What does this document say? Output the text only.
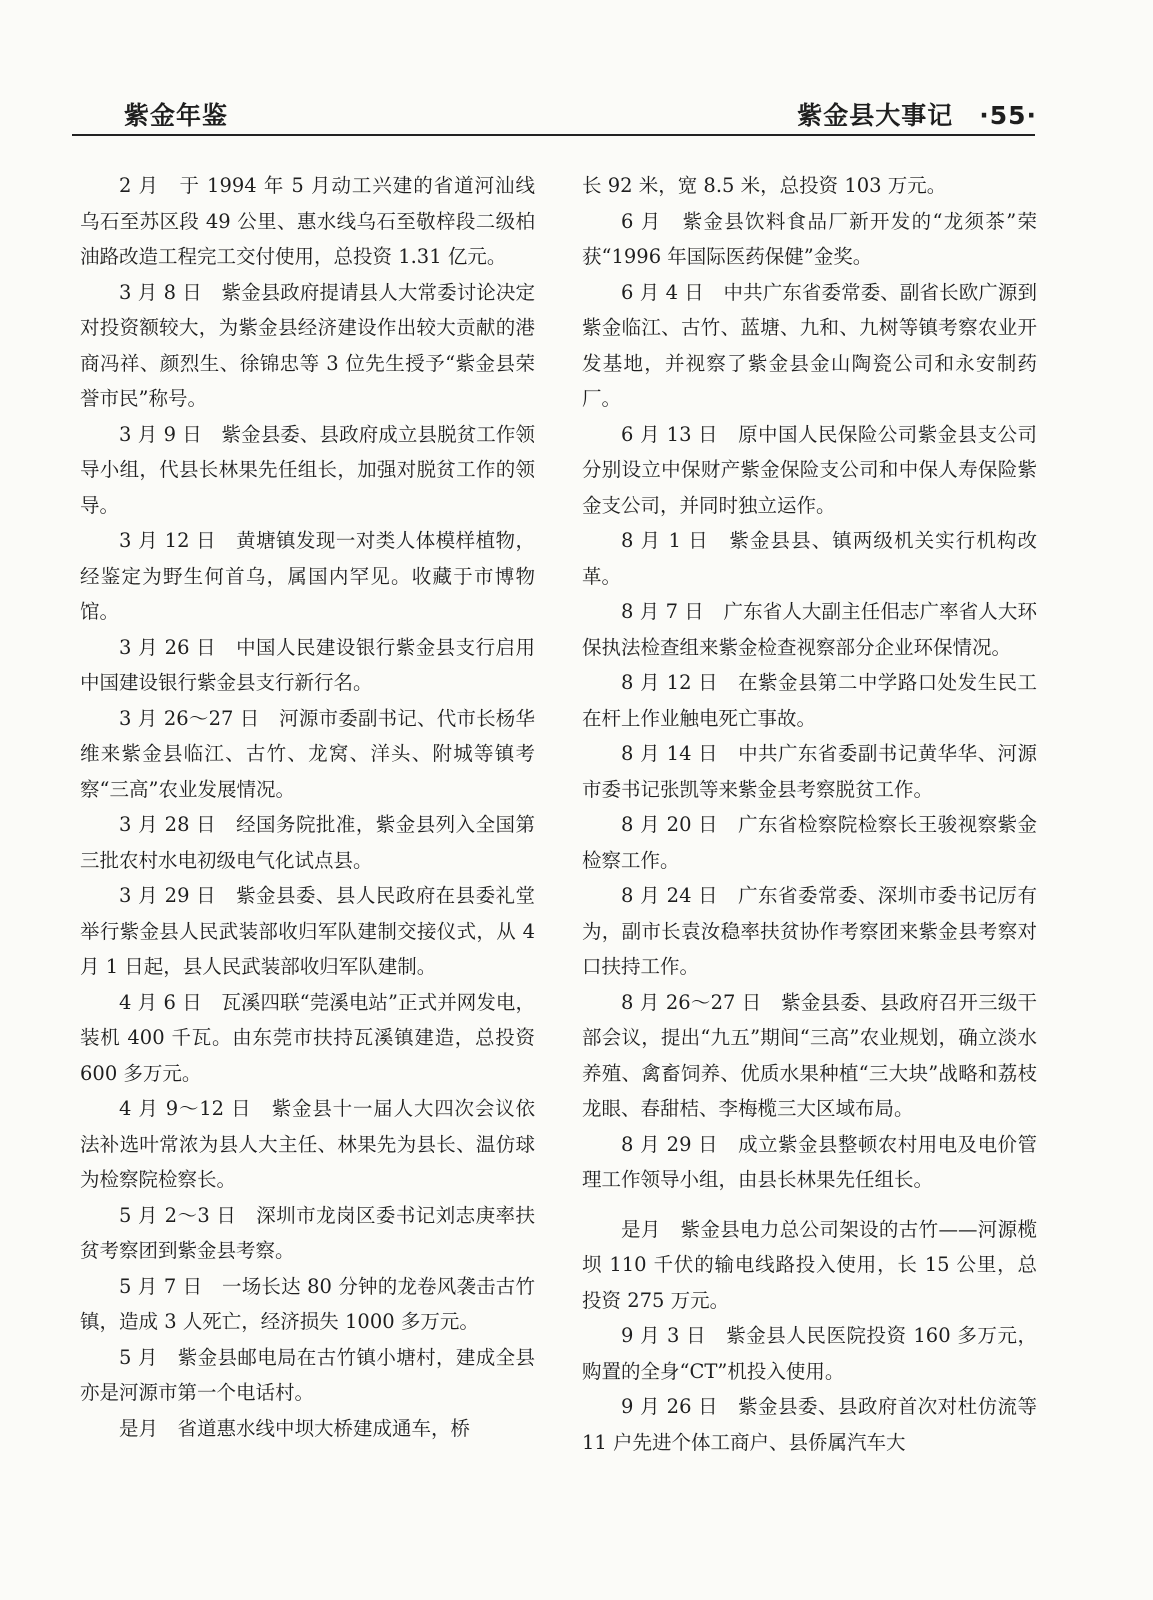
紫金年鉴	紫金县大事记 ·55·

2 月　于 1994 年 5 月动工兴建的省道河汕线乌石至苏区段 49 公里、惠水线乌石至敬梓段二级柏油路改造工程完工交付使用，总投资 1.31 亿元。

3 月 8 日　紫金县政府提请县人大常委讨论决定对投资额较大，为紫金县经济建设作出较大贡献的港商冯祥、颜烈生、徐锦忠等 3 位先生授予“紫金县荣誉市民”称号。

3 月 9 日　紫金县委、县政府成立县脱贫工作领导小组，代县长林果先任组长，加强对脱贫工作的领导。

3 月 12 日　黄塘镇发现一对类人体模样植物，经鉴定为野生何首乌，属国内罕见。收藏于市博物馆。

3 月 26 日　中国人民建设银行紫金县支行启用中国建设银行紫金县支行新行名。

3 月 26～27 日　河源市委副书记、代市长杨华维来紫金县临江、古竹、龙窝、洋头、附城等镇考察“三高”农业发展情况。

3 月 28 日　经国务院批准，紫金县列入全国第三批农村水电初级电气化试点县。

3 月 29 日　紫金县委、县人民政府在县委礼堂举行紫金县人民武装部收归军队建制交接仪式，从 4 月 1 日起，县人民武装部收归军队建制。

4 月 6 日　瓦溪四联“莞溪电站”正式并网发电，装机 400 千瓦。由东莞市扶持瓦溪镇建造，总投资 600 多万元。

4 月 9～12 日　紫金县十一届人大四次会议依法补选叶常浓为县人大主任、林果先为县长、温仿球为检察院检察长。

5 月 2～3 日　深圳市龙岗区委书记刘志庚率扶贫考察团到紫金县考察。

5 月 7 日　一场长达 80 分钟的龙卷风袭击古竹镇，造成 3 人死亡，经济损失 1000 多万元。

5 月　紫金县邮电局在古竹镇小塘村，建成全县亦是河源市第一个电话村。

是月　省道惠水线中坝大桥建成通车，桥

长 92 米，宽 8.5 米，总投资 103 万元。

6 月　紫金县饮料食品厂新开发的“龙须茶”荣获“1996 年国际医药保健”金奖。

6 月 4 日　中共广东省委常委、副省长欧广源到紫金临江、古竹、蓝塘、九和、九树等镇考察农业开发基地，并视察了紫金县金山陶瓷公司和永安制药厂。

6 月 13 日　原中国人民保险公司紫金县支公司分别设立中保财产紫金保险支公司和中保人寿保险紫金支公司，并同时独立运作。

8 月 1 日　紫金县县、镇两级机关实行机构改革。

8 月 7 日　广东省人大副主任佀志广率省人大环保执法检查组来紫金检查视察部分企业环保情况。

8 月 12 日　在紫金县第二中学路口处发生民工在杆上作业触电死亡事故。

8 月 14 日　中共广东省委副书记黄华华、河源市委书记张凯等来紫金县考察脱贫工作。

8 月 20 日　广东省检察院检察长王骏视察紫金检察工作。

8 月 24 日　广东省委常委、深圳市委书记厉有为，副市长袁汝稳率扶贫协作考察团来紫金县考察对口扶持工作。

8 月 26～27 日　紫金县委、县政府召开三级干部会议，提出“九五”期间“三高”农业规划，确立淡水养殖、禽畜饲养、优质水果种植“三大块”战略和荔枝龙眼、春甜桔、李梅榄三大区域布局。

8 月 29 日　成立紫金县整顿农村用电及电价管理工作领导小组，由县长林果先任组长。

是月　紫金县电力总公司架设的古竹——河源榄坝 110 千伏的输电线路投入使用，长 15 公里，总投资 275 万元。

9 月 3 日　紫金县人民医院投资 160 多万元，购置的全身“CT”机投入使用。

9 月 26 日　紫金县委、县政府首次对杜仿流等 11 户先进个体工商户、县侨属汽车大
